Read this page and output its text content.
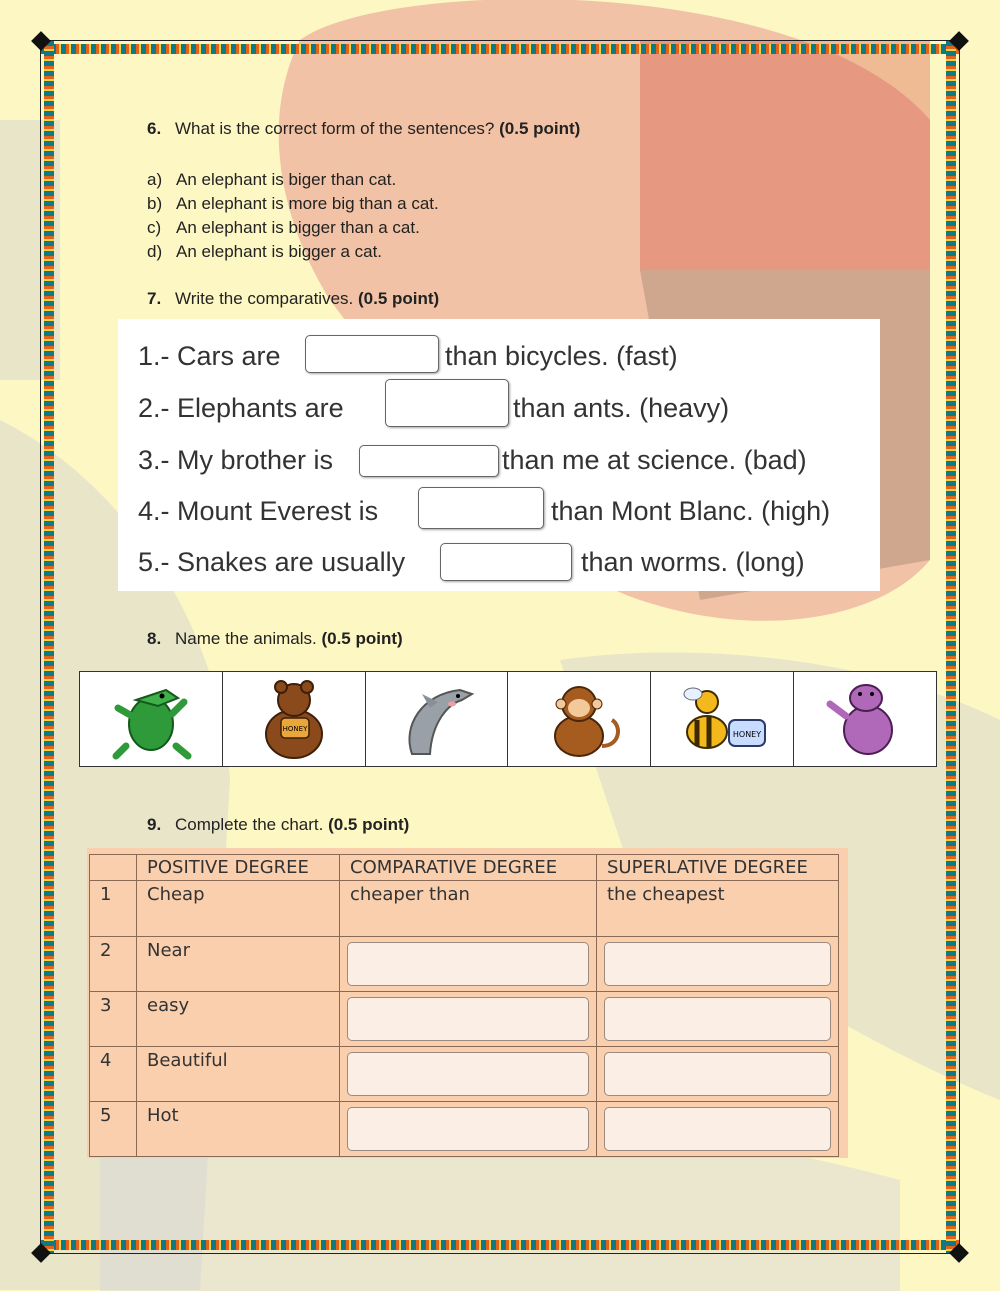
6. What is the correct form of the sentences? (0.5 point)
a) An elephant is biger than cat.
b) An elephant is more big than a cat.
c) An elephant is bigger than a cat.
d) An elephant is bigger a cat.
7. Write the comparatives. (0.5 point)
1.- Cars are	than bicycles. (fast)
2.- Elephants are	than ants. (heavy)
3.- My brother is	than me at science. (bad)
4.- Mount Everest is	than Mont Blanc. (high)
5.- Snakes are usually	than worms. (long)
8. Name the animals. (0.5 point)
HONEY
HONEY
9. Complete the chart. (0.5 point)
	POSITIVE DEGREE	COMPARATIVE DEGREE	SUPERLATIVE DEGREE
1	Cheap	cheaper than	the cheapest
2	Near	

3	easy	

4	Beautiful	

5	Hot	
